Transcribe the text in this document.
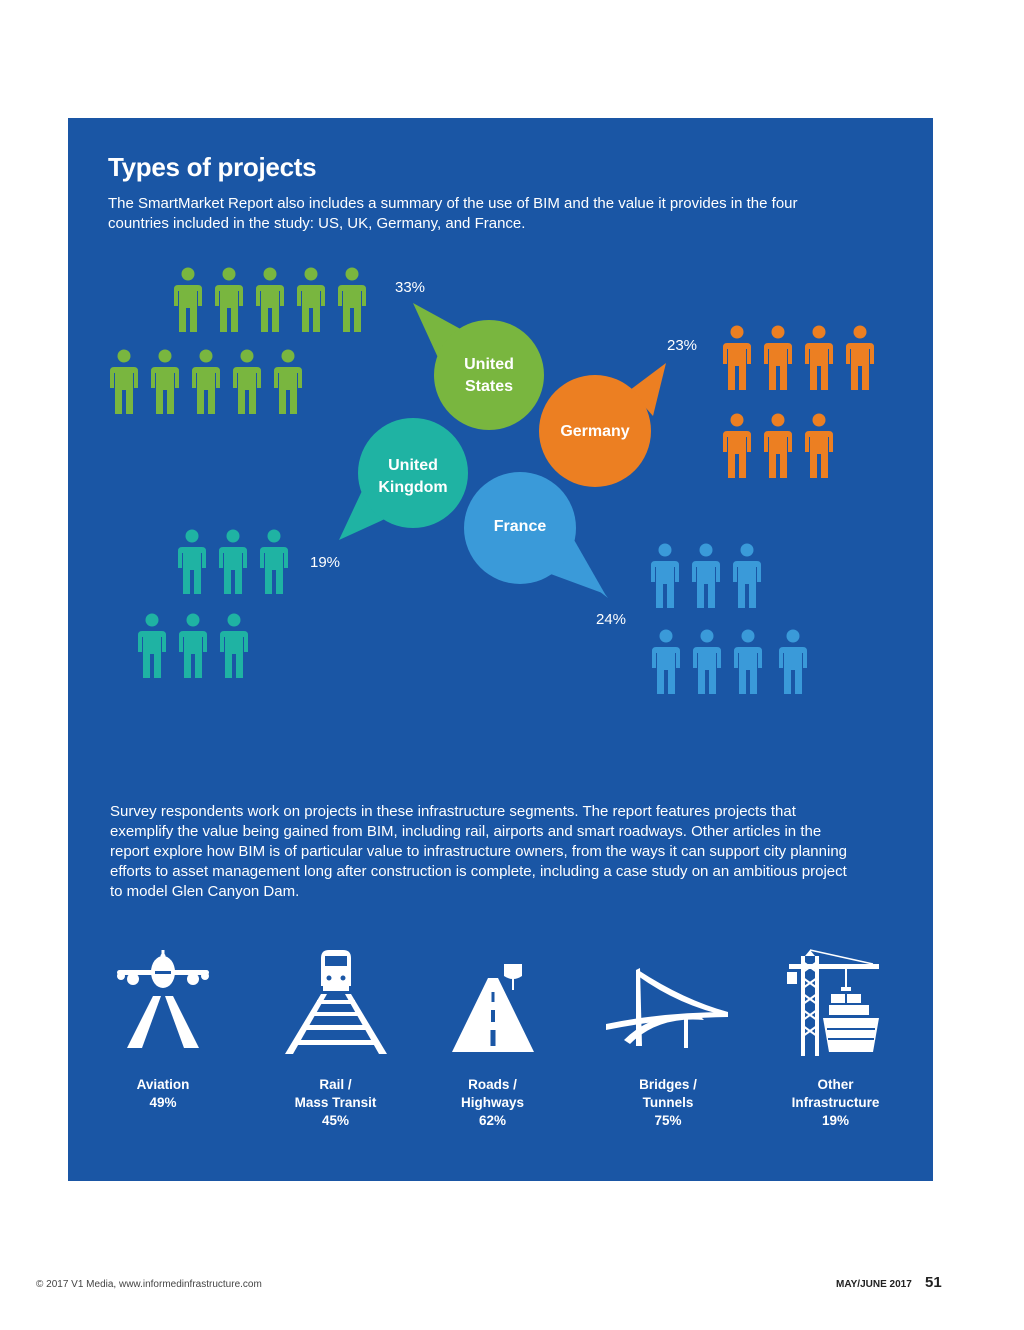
Types of projects

The SmartMarket Report also includes a summary of the use of BIM and the value it provides in the four countries included in the study: US, UK, Germany, and France.

United
States
Germany
United
Kingdom
France
33%
23%
19%
24%

Survey respondents work on projects in these infrastructure segments. The report features projects that exemplify the value being gained from BIM, including rail, airports and smart roadways. Other articles in the report explore how BIM is of particular value to infrastructure owners, from the ways it can support city planning efforts to asset management long after construction is complete, including a case study on an ambitious project to model Glen Canyon Dam.

Aviation
49%
Rail /
Mass Transit
45%
Roads /
Highways
62%
Bridges /
Tunnels
75%
Other
Infrastructure
19%
© 2017 V1 Media, www.informedinfrastructure.com	MAY/JUNE 2017 51
